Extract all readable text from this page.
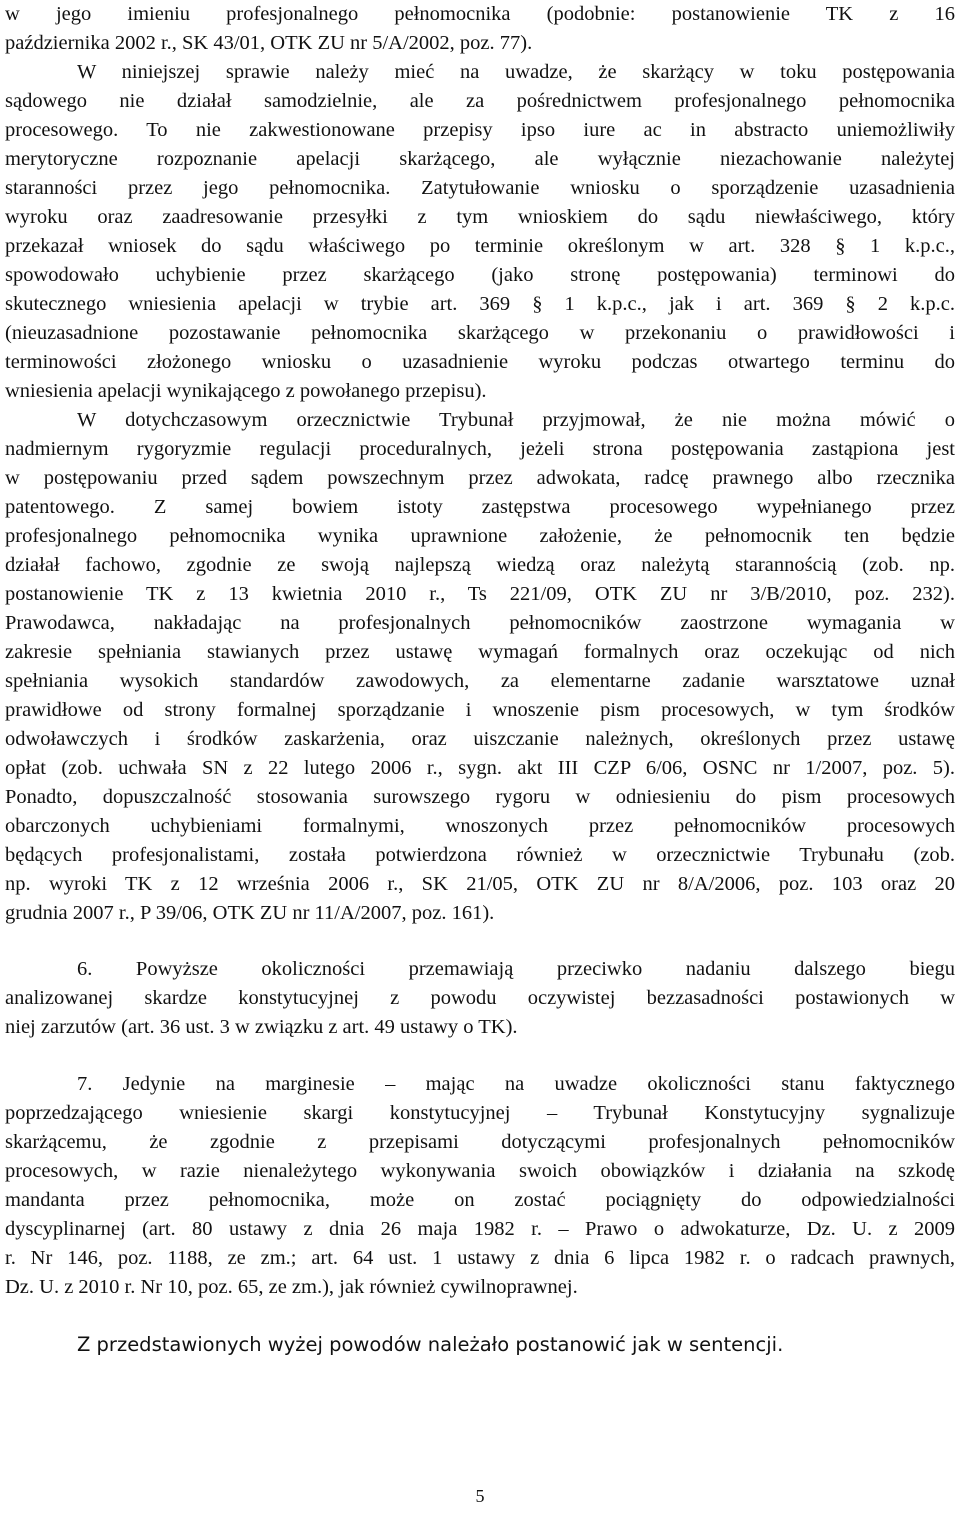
w jego imieniu profesjonalnego pełnomocnika (podobnie: postanowienie TK z 16
października 2002 r., SK 43/01, OTK ZU nr 5/A/2002, poz. 77).
W niniejszej sprawie należy mieć na uwadze, że skarżący w toku postępowania
sądowego nie działał samodzielnie, ale za pośrednictwem profesjonalnego pełnomocnika
procesowego. To nie zakwestionowane przepisy ipso iure ac in abstracto uniemożliwiły
merytoryczne rozpoznanie apelacji skarżącego, ale wyłącznie niezachowanie należytej
staranności przez jego pełnomocnika. Zatytułowanie wniosku o sporządzenie uzasadnienia
wyroku oraz zaadresowanie przesyłki z tym wnioskiem do sądu niewłaściwego, który
przekazał wniosek do sądu właściwego po terminie określonym w art. 328 § 1 k.p.c.,
spowodowało uchybienie przez skarżącego (jako stronę postępowania) terminowi do
skutecznego wniesienia apelacji w trybie art. 369 § 1 k.p.c., jak i art. 369 § 2 k.p.c.
(nieuzasadnione pozostawanie pełnomocnika skarżącego w przekonaniu o prawidłowości i
terminowości złożonego wniosku o uzasadnienie wyroku podczas otwartego terminu do
wniesienia apelacji wynikającego z powołanego przepisu).
W dotychczasowym orzecznictwie Trybunał przyjmował, że nie można mówić o
nadmiernym rygoryzmie regulacji proceduralnych, jeżeli strona postępowania zastąpiona jest
w postępowaniu przed sądem powszechnym przez adwokata, radcę prawnego albo rzecznika
patentowego. Z samej bowiem istoty zastępstwa procesowego wypełnianego przez
profesjonalnego pełnomocnika wynika uprawnione założenie, że pełnomocnik ten będzie
działał fachowo, zgodnie ze swoją najlepszą wiedzą oraz należytą starannością (zob. np.
postanowienie TK z 13 kwietnia 2010 r., Ts 221/09, OTK ZU nr 3/B/2010, poz. 232).
Prawodawca, nakładając na profesjonalnych pełnomocników zaostrzone wymagania w
zakresie spełniania stawianych przez ustawę wymagań formalnych oraz oczekując od nich
spełniania wysokich standardów zawodowych, za elementarne zadanie warsztatowe uznał
prawidłowe od strony formalnej sporządzanie i wnoszenie pism procesowych, w tym środków
odwoławczych i środków zaskarżenia, oraz uiszczanie należnych, określonych przez ustawę
opłat (zob. uchwała SN z 22 lutego 2006 r., sygn. akt III CZP 6/06, OSNC nr 1/2007, poz. 5).
Ponadto, dopuszczalność stosowania surowszego rygoru w odniesieniu do pism procesowych
obarczonych uchybieniami formalnymi, wnoszonych przez pełnomocników procesowych
będących profesjonalistami, została potwierdzona również w orzecznictwie Trybunału (zob.
np. wyroki TK z 12 września 2006 r., SK 21/05, OTK ZU nr 8/A/2006, poz. 103 oraz 20
grudnia 2007 r., P 39/06, OTK ZU nr 11/A/2007, poz. 161).
6. Powyższe okoliczności przemawiają przeciwko nadaniu dalszego biegu
analizowanej skardze konstytucyjnej z powodu oczywistej bezzasadności postawionych w
niej zarzutów (art. 36 ust. 3 w związku z art. 49 ustawy o TK).
7. Jedynie na marginesie – mając na uwadze okoliczności stanu faktycznego
poprzedzającego wniesienie skargi konstytucyjnej – Trybunał Konstytucyjny sygnalizuje
skarżącemu, że zgodnie z przepisami dotyczącymi profesjonalnych pełnomocników
procesowych, w razie nienależytego wykonywania swoich obowiązków i działania na szkodę
mandanta przez pełnomocnika, może on zostać pociągnięty do odpowiedzialności
dyscyplinarnej (art. 80 ustawy z dnia 26 maja 1982 r. – Prawo o adwokaturze, Dz. U. z 2009
r. Nr 146, poz. 1188, ze zm.; art. 64 ust. 1 ustawy z dnia 6 lipca 1982 r. o radcach prawnych,
Dz. U. z 2010 r. Nr 10, poz. 65, ze zm.), jak również cywilnoprawnej.
Z przedstawionych wyżej powodów należało postanowić jak w sentencji.
5
